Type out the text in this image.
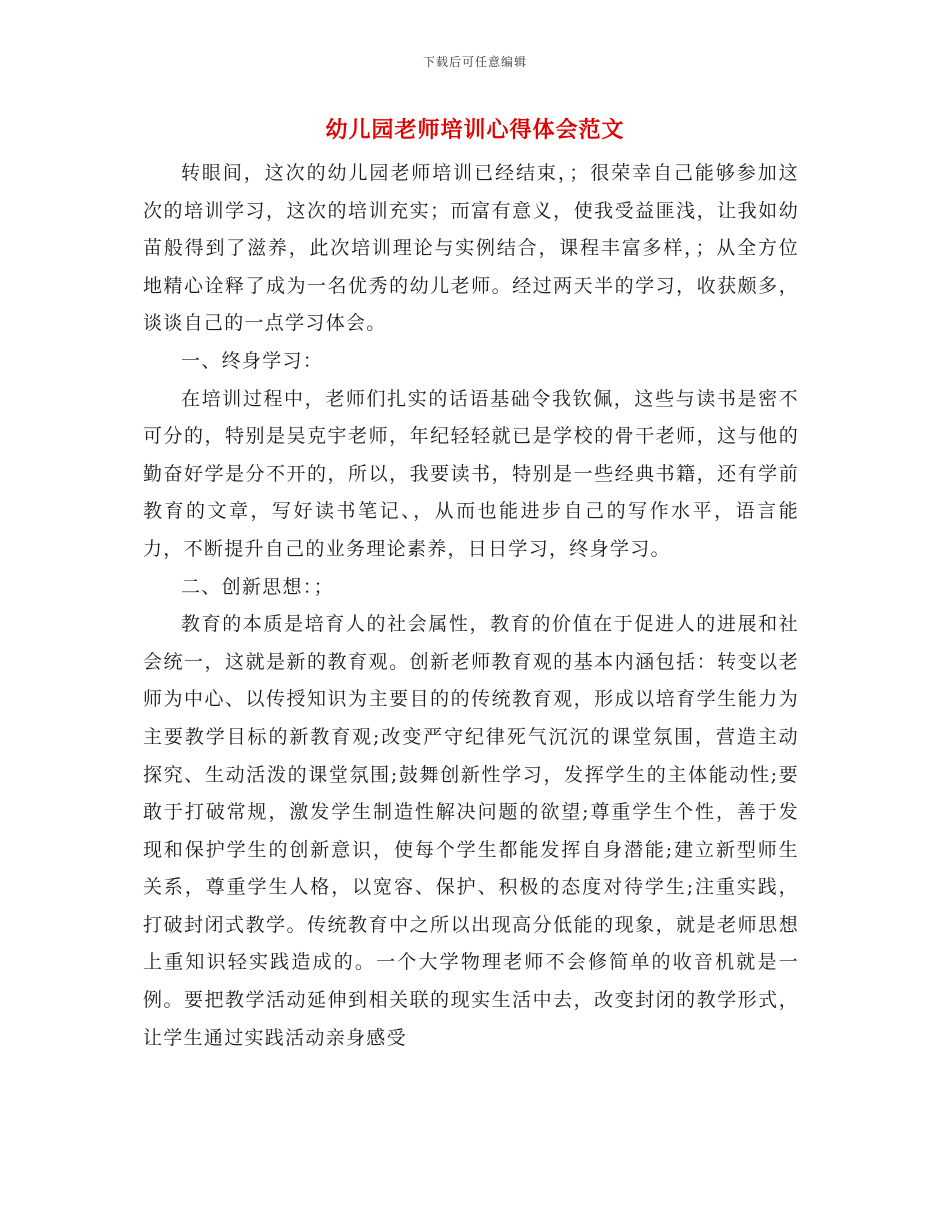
下载后可任意编辑
幼儿园老师培训心得体会范文

转眼间，这次的幼儿园老师培训已经结束，；很荣幸自己能够参加这次的培训学习，这次的培训充实；而富有意义，使我受益匪浅，让我如幼苗般得到了滋养，此次培训理论与实例结合，课程丰富多样，；从全方位地精心诠释了成为一名优秀的幼儿老师。经过两天半的学习，收获颇多，谈谈自己的一点学习体会。

一、终身学习：

在培训过程中，老师们扎实的话语基础令我钦佩，这些与读书是密不可分的，特别是吴克宇老师，年纪轻轻就已是学校的骨干老师，这与他的勤奋好学是分不开的，所以，我要读书，特别是一些经典书籍，还有学前教育的文章，写好读书笔记、，从而也能进步自己的写作水平，语言能力，不断提升自己的业务理论素养，日日学习，终身学习。

二、创新思想：；

教育的本质是培育人的社会属性，教育的价值在于促进人的进展和社会统一，这就是新的教育观。创新老师教育观的基本内涵包括：转变以老师为中心、以传授知识为主要目的的传统教育观，形成以培育学生能力为主要教学目标的新教育观;改变严守纪律死气沉沉的课堂氛围，营造主动探究、生动活泼的课堂氛围;鼓舞创新性学习，发挥学生的主体能动性;要敢于打破常规，激发学生制造性解决问题的欲望;尊重学生个性，善于发现和保护学生的创新意识，使每个学生都能发挥自身潜能;建立新型师生关系，尊重学生人格，以宽容、保护、积极的态度对待学生;注重实践，打破封闭式教学。传统教育中之所以出现高分低能的现象，就是老师思想上重知识轻实践造成的。一个大学物理老师不会修简单的收音机就是一例。要把教学活动延伸到相关联的现实生活中去，改变封闭的教学形式，让学生通过实践活动亲身感受
